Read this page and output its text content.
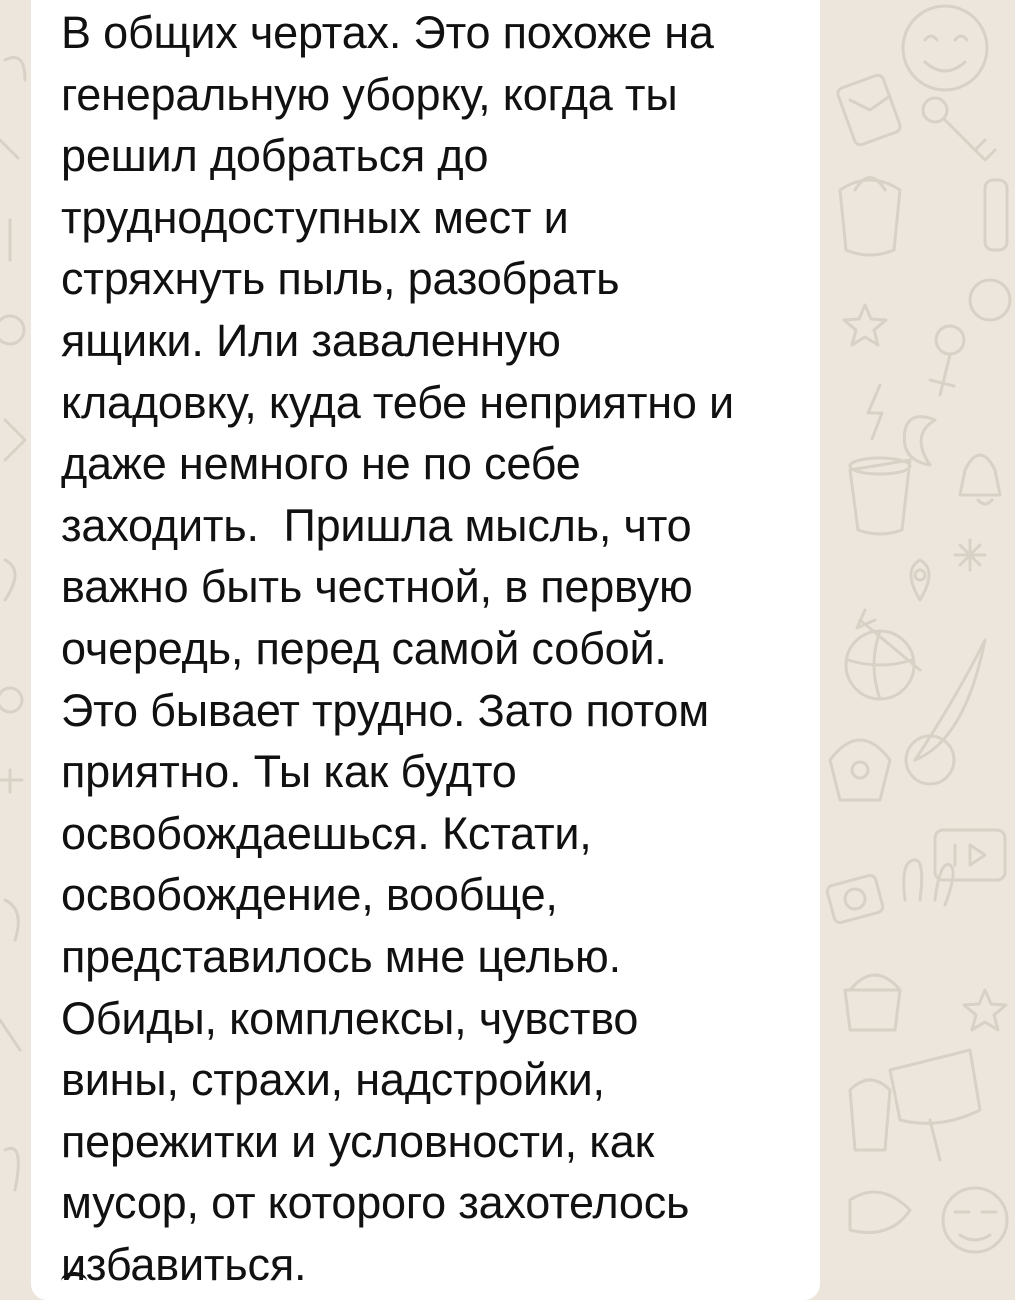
В общих чертах. Это похоже на
генеральную уборку, когда ты
решил добраться до
труднодоступных мест и
стряхнуть пыль, разобрать
ящики. Или заваленную
кладовку, куда тебе неприятно и
даже немного не по себе
заходить.  Пришла мысль, что
важно быть честной, в первую
очередь, перед самой собой.
Это бывает трудно. Зато потом
приятно. Ты как будто
освобождаешься. Кстати,
освобождение, вообще,
представилось мне целью.
Обиды, комплексы, чувство
вины, страхи, надстройки,
пережитки и условности, как
мусор, от которого захотелось
избавиться.
